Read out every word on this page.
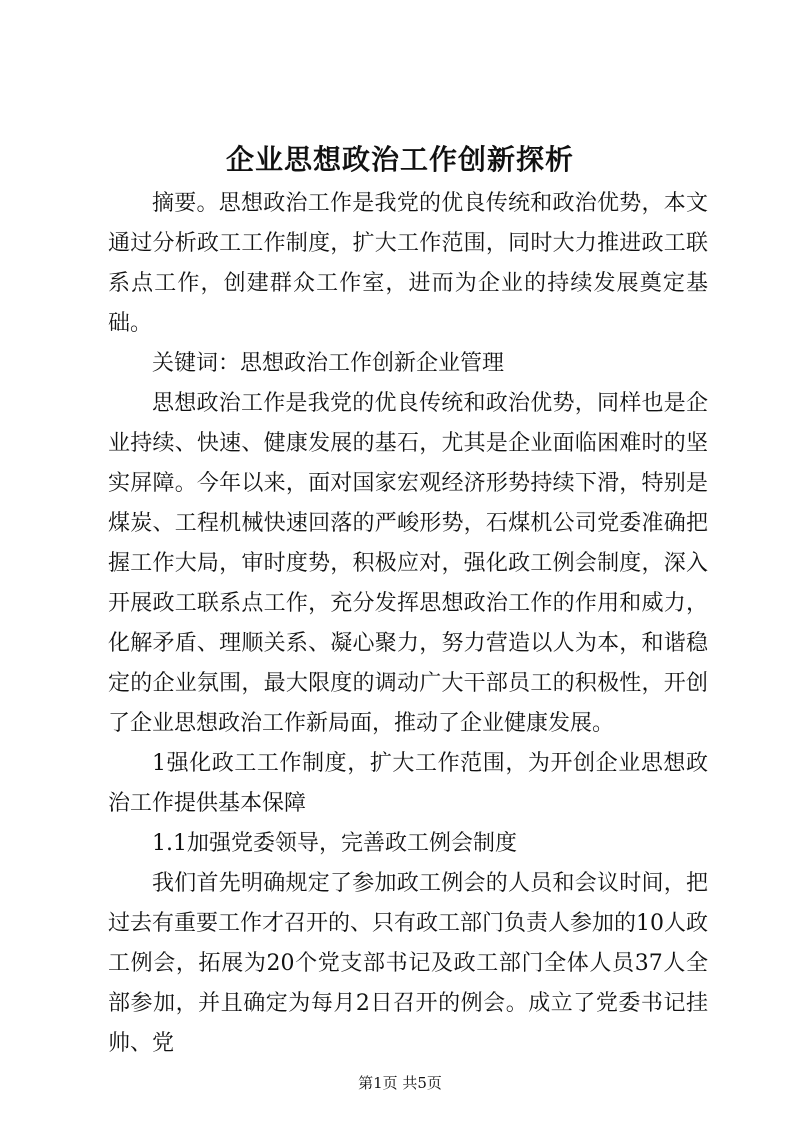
企业思想政治工作创新探析

摘要。思想政治工作是我党的优良传统和政治优势，本文通过分析政工工作制度，扩大工作范围，同时大力推进政工联系点工作，创建群众工作室，进而为企业的持续发展奠定基础。

关键词：思想政治工作创新企业管理

思想政治工作是我党的优良传统和政治优势，同样也是企业持续、快速、健康发展的基石，尤其是企业面临困难时的坚实屏障。今年以来，面对国家宏观经济形势持续下滑，特别是煤炭、工程机械快速回落的严峻形势，石煤机公司党委准确把握工作大局，审时度势，积极应对，强化政工例会制度，深入开展政工联系点工作，充分发挥思想政治工作的作用和威力，化解矛盾、理顺关系、凝心聚力，努力营造以人为本，和谐稳定的企业氛围，最大限度的调动广大干部员工的积极性，开创了企业思想政治工作新局面，推动了企业健康发展。

1强化政工工作制度，扩大工作范围，为开创企业思想政治工作提供基本保障

1.1加强党委领导，完善政工例会制度

我们首先明确规定了参加政工例会的人员和会议时间，把过去有重要工作才召开的、只有政工部门负责人参加的10人政工例会，拓展为20个党支部书记及政工部门全体人员37人全部参加，并且确定为每月2日召开的例会。成立了党委书记挂帅、党

第1页 共5页
